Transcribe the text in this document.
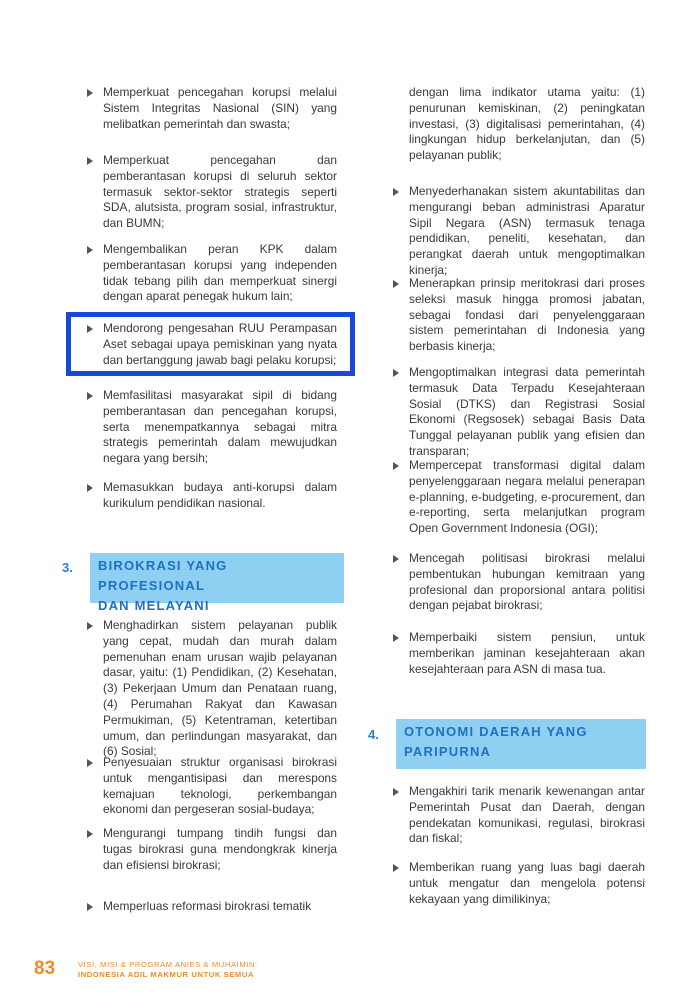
Memperkuat pencegahan korupsi melalui Sistem Integritas Nasional (SIN) yang melibatkan pemerintah dan swasta;
Memperkuat pencegahan dan pemberantasan korupsi di seluruh sektor termasuk sektor-sektor strategis seperti SDA, alutsista, program sosial, infrastruktur, dan BUMN;
Mengembalikan peran KPK dalam pemberantasan korupsi yang independen tidak tebang pilih dan memperkuat sinergi dengan aparat penegak hukum lain;
Mendorong pengesahan RUU Perampasan Aset sebagai upaya pemiskinan yang nyata dan bertanggung jawab bagi pelaku korupsi;
Memfasilitasi masyarakat sipil di bidang pemberantasan dan pencegahan korupsi, serta menempatkannya sebagai mitra strategis pemerintah dalam mewujudkan negara yang bersih;
Memasukkan budaya anti-korupsi dalam kurikulum pendidikan nasional.
Menghadirkan sistem pelayanan publik yang cepat, mudah dan murah dalam pemenuhan enam urusan wajib pelayanan dasar, yaitu: (1) Pendidikan, (2) Kesehatan, (3) Pekerjaan Umum dan Penataan ruang, (4) Perumahan Rakyat dan Kawasan Permukiman, (5) Ketentraman, ketertiban umum, dan perlindungan masyarakat, dan (6) Sosial;
Penyesuaian struktur organisasi birokrasi untuk mengantisipasi dan merespons kemajuan teknologi, perkembangan ekonomi dan pergeseran sosial-budaya;
Mengurangi tumpang tindih fungsi dan tugas birokrasi guna mendongkrak kinerja dan efisiensi birokrasi;
Memperluas reformasi birokrasi tematik
3. BIROKRASI YANG PROFESIONAL
DAN MELAYANI
dengan lima indikator utama yaitu: (1) penurunan kemiskinan, (2) peningkatan investasi, (3) digitalisasi pemerintahan, (4) lingkungan hidup berkelanjutan, dan (5) pelayanan publik;
Menyederhanakan sistem akuntabilitas dan mengurangi beban administrasi Aparatur Sipil Negara (ASN) termasuk tenaga pendidikan, peneliti, kesehatan, dan perangkat daerah untuk mengoptimalkan kinerja;
Menerapkan prinsip meritokrasi dari proses seleksi masuk hingga promosi jabatan, sebagai fondasi dari penyelenggaraan sistem pemerintahan di Indonesia yang berbasis kinerja;
Mengoptimalkan integrasi data pemerintah termasuk Data Terpadu Kesejahteraan Sosial (DTKS) dan Registrasi Sosial Ekonomi (Regsosek) sebagai Basis Data Tunggal pelayanan publik yang efisien dan transparan;
Mempercepat transformasi digital dalam penyelenggaraan negara melalui penerapan e-planning, e-budgeting, e-procurement, dan e-reporting, serta melanjutkan program Open Government Indonesia (OGI);
Mencegah politisasi birokrasi melalui pembentukan hubungan kemitraan yang profesional dan proporsional antara politisi dengan pejabat birokrasi;
Memperbaiki sistem pensiun, untuk memberikan jaminan kesejahteraan akan kesejahteraan para ASN di masa tua.
Mengakhiri tarik menarik kewenangan antar Pemerintah Pusat dan Daerah, dengan pendekatan komunikasi, regulasi, birokrasi dan fiskal;
Memberikan ruang yang luas bagi daerah untuk mengatur dan mengelola potensi kekayaan yang dimilikinya;
4. OTONOMI DAERAH YANG
PARIPURNA
83	VISI, MISI & PROGRAM ANIES & MUHAIMIN:
INDONESIA ADIL MAKMUR UNTUK SEMUA
